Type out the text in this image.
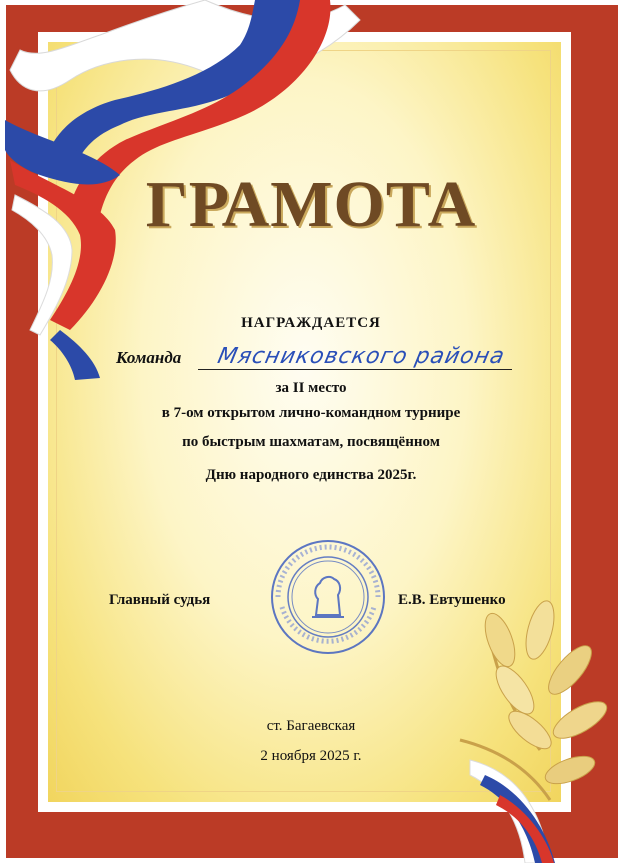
ГРАМОТА
НАГРАЖДАЕТСЯ
Команда Мясниковского района
за II место
в 7-ом открытом лично-командном турнире
по быстрым шахматам, посвящённом
Дню народного единства 2025г.
Главный судья	Е.В. Евтушенко
ст. Багаевская
2 ноября 2025 г.
